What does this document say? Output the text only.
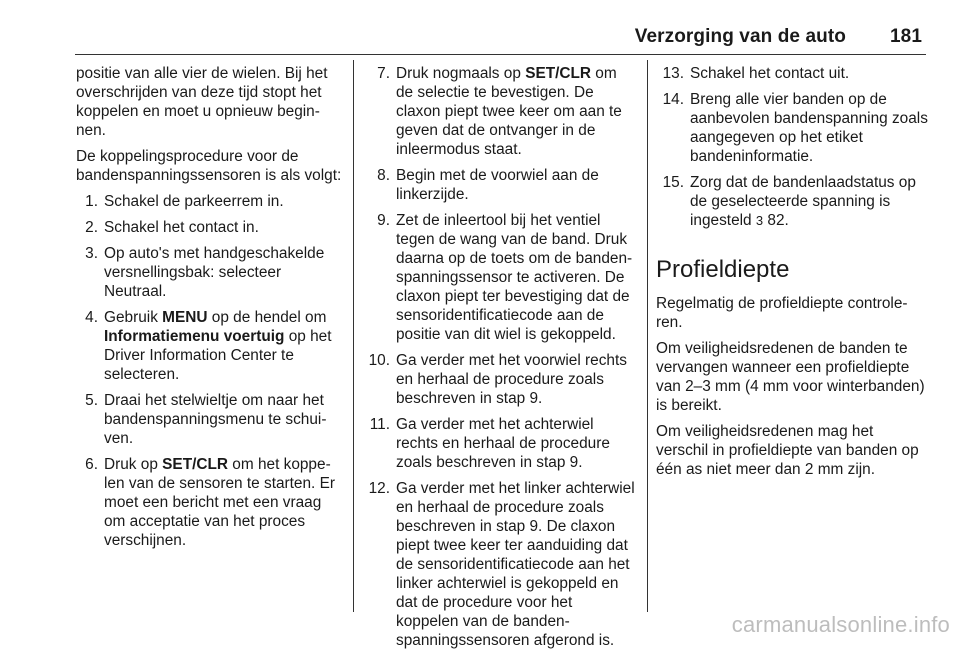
Verzorging van de auto 181

positie van alle vier de wielen. Bij het overschrijden van deze tijd stopt het koppelen en moet u opnieuw beginnen.

De koppelingsprocedure voor de bandenspanningssensoren is als volgt:

1. Schakel de parkeerrem in.
2. Schakel het contact in.
3. Op auto's met handgeschakelde versnellingsbak: selecteer Neutraal.
4. Gebruik MENU op de hendel om Informatiemenu voertuig op het Driver Information Center te selecteren.
5. Draai het stelwieltje om naar het bandenspanningsmenu te schuiven.
6. Druk op SET/CLR om het koppelen van de sensoren te starten. Er moet een bericht met een vraag om acceptatie van het proces verschijnen.
7. Druk nogmaals op SET/CLR om de selectie te bevestigen. De claxon piept twee keer om aan te geven dat de ontvanger in de inleermodus staat.
8. Begin met de voorwiel aan de linkerzijde.
9. Zet de inleertool bij het ventiel tegen de wang van de band. Druk daarna op de toets om de bandenspanningssensor te activeren. De claxon piept ter bevestiging dat de sensoridentificatiecode aan de positie van dit wiel is gekoppeld.
10. Ga verder met het voorwiel rechts en herhaal de procedure zoals beschreven in stap 9.
11. Ga verder met het achterwiel rechts en herhaal de procedure zoals beschreven in stap 9.
12. Ga verder met het linker achterwiel en herhaal de procedure zoals beschreven in stap 9. De claxon piept twee keer ter aanduiding dat de sensoridentificatiecode aan het linker achterwiel is gekoppeld en dat de procedure voor het koppelen van de bandenspanningssensoren afgerond is.
13. Schakel het contact uit.
14. Breng alle vier banden op de aanbevolen bandenspanning zoals aangegeven op het etiket bandeninformatie.
15. Zorg dat de bandenlaadstatus op de geselecteerde spanning is ingesteld 3 82.
Profieldiepte

Regelmatig de profieldiepte controleren.

Om veiligheidsredenen de banden te vervangen wanneer een profieldiepte van 2–3 mm (4 mm voor winterbanden) is bereikt.

Om veiligheidsredenen mag het verschil in profieldiepte van banden op één as niet meer dan 2 mm zijn.

carmanualsonline.info
